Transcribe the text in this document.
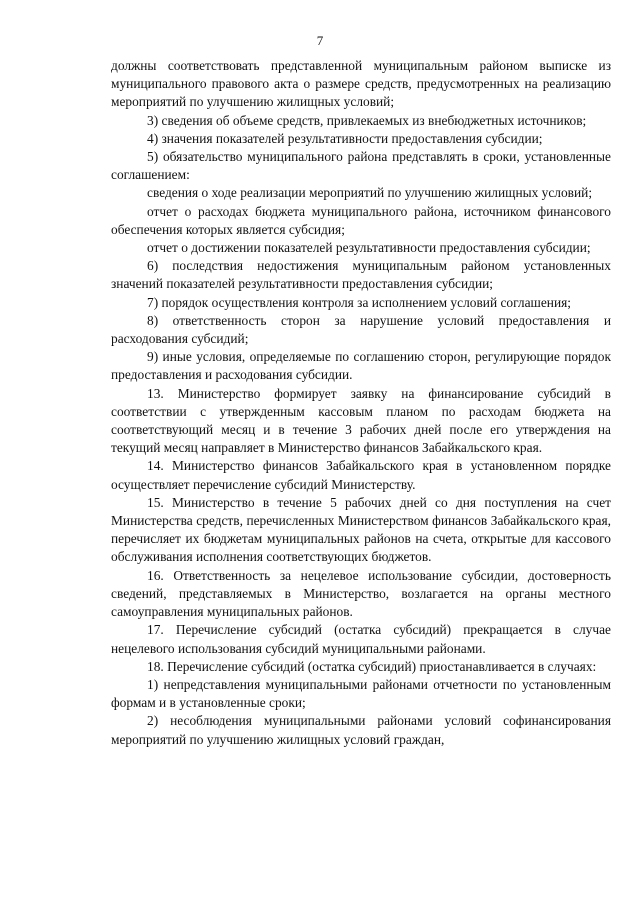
7

должны соответствовать представленной муниципальным районом выписке из муниципального правового акта о размере средств, предусмотренных на реализацию мероприятий по улучшению жилищных условий;

3) сведения об объеме средств, привлекаемых из внебюджетных источников;

4) значения показателей результативности предоставления субсидии;

5) обязательство муниципального района представлять в сроки, установленные соглашением:

сведения о ходе реализации мероприятий по улучшению жилищных условий;

отчет о расходах бюджета муниципального района, источником финансового обеспечения которых является субсидия;

отчет о достижении показателей результативности предоставления субсидии;

6) последствия недостижения муниципальным районом установленных значений показателей результативности предоставления субсидии;

7) порядок осуществления контроля за исполнением условий соглашения;

8) ответственность сторон за нарушение условий предоставления и расходования субсидий;

9) иные условия, определяемые по соглашению сторон, регулирующие порядок предоставления и расходования субсидии.

13. Министерство формирует заявку на финансирование субсидий в соответствии с утвержденным кассовым планом по расходам бюджета на соответствующий месяц и в течение 3 рабочих дней после его утверждения на текущий месяц направляет в Министерство финансов Забайкальского края.

14. Министерство финансов Забайкальского края в установленном порядке осуществляет перечисление субсидий Министерству.

15. Министерство в течение 5 рабочих дней со дня поступления на счет Министерства средств, перечисленных Министерством финансов Забайкальского края, перечисляет их бюджетам муниципальных районов на счета, открытые для кассового обслуживания исполнения соответствующих бюджетов.

16. Ответственность за нецелевое использование субсидии, достоверность сведений, представляемых в Министерство, возлагается на органы местного самоуправления муниципальных районов.

17. Перечисление субсидий (остатка субсидий) прекращается в случае нецелевого использования субсидий муниципальными районами.

18. Перечисление субсидий (остатка субсидий) приостанавливается в случаях:

1) непредставления муниципальными районами отчетности по установленным формам и в установленные сроки;

2) несоблюдения муниципальными районами условий софинансирования мероприятий по улучшению жилищных условий граждан,
